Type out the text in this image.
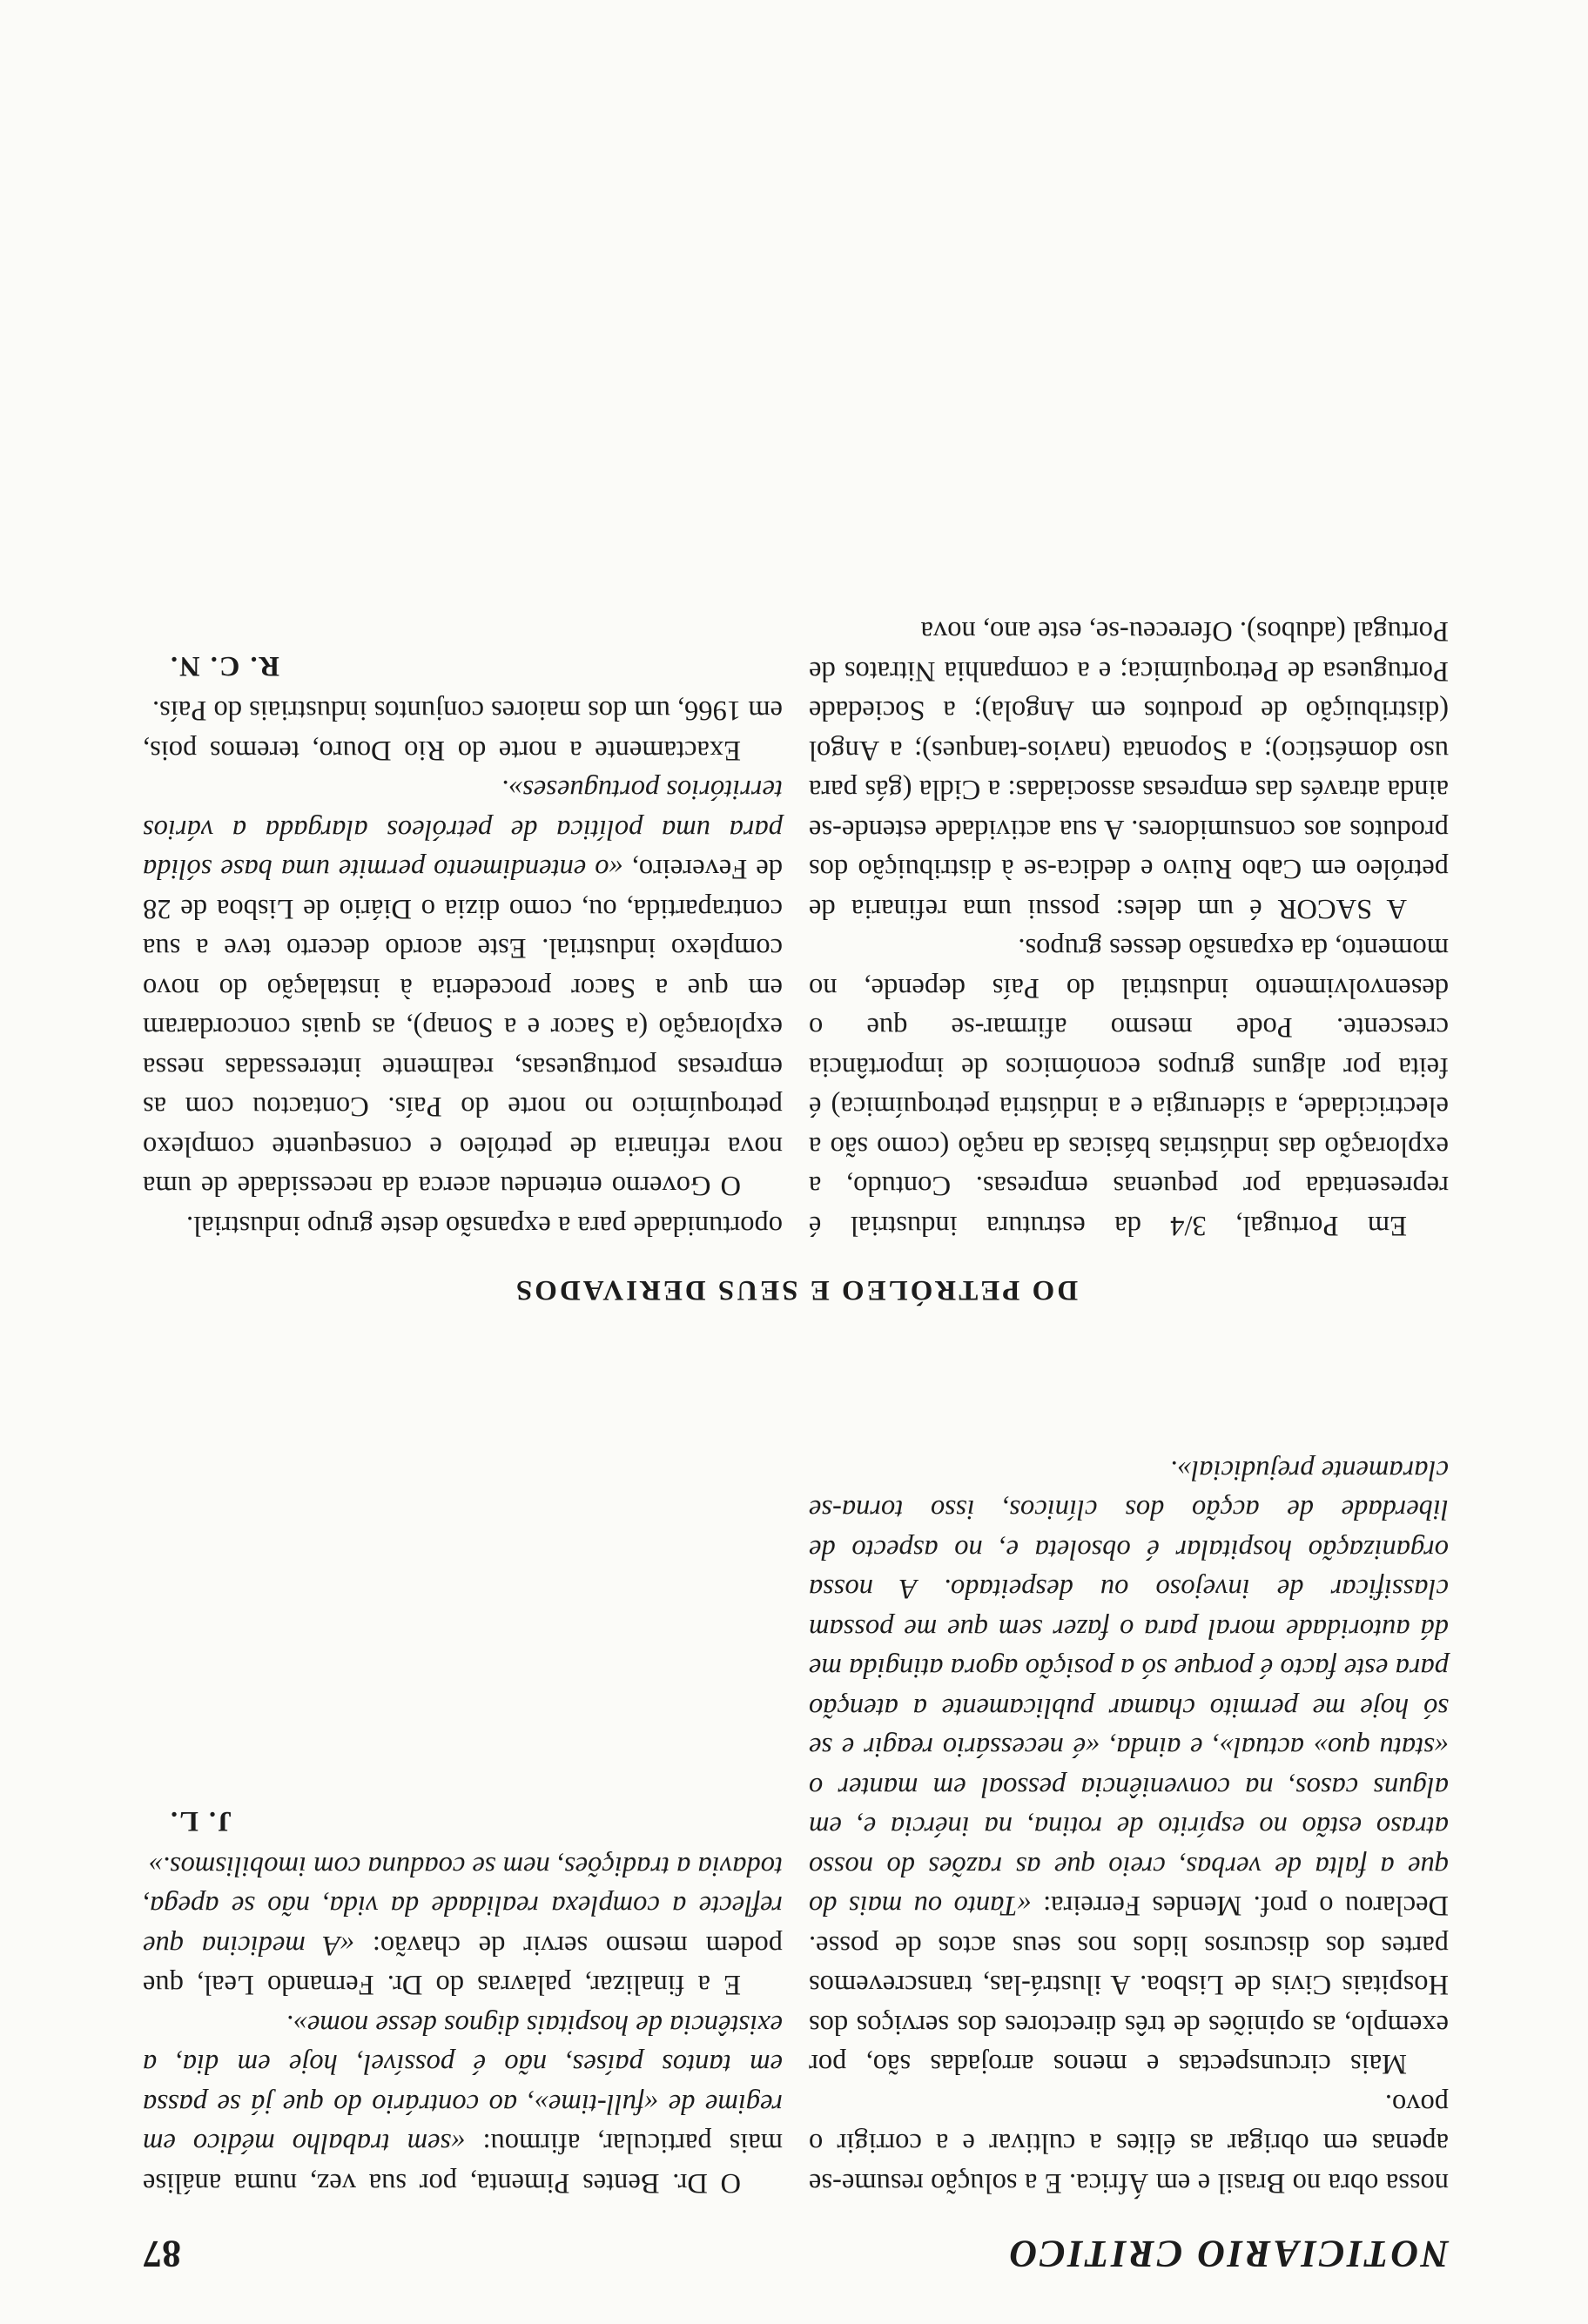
NOTICIARIO CRITICO
87

nossa obra no Brasil e em África. E a solução resume-se apenas em obrigar as élites a cultivar e a corrigir o povo.

Mais circunspectas e menos arrojadas são, por exemplo, as opiniões de três directores dos serviços dos Hospitais Civis de Lisboa. A ilustrá-las, transcrevemos partes dos discursos lidos nos seus actos de posse. Declarou o prof. Mendes Ferreira: «Tanto ou mais do que a falta de verbas, creio que as razões do nosso atraso estão no espírito de rotina, na inércia e, em alguns casos, na conveniência pessoal em manter o «statu quo» actual», e ainda, «é necessário reagir e se só hoje me permito chamar publicamente a atenção para este facto é porque só a posição agora atingida me dá autoridade moral para o fazer sem que me possam classificar de invejoso ou despeitado. A nossa organização hospitalar é obsoleta e, no aspecto de liberdade de acção dos clínicos, isso torna-se claramente prejudicial».

O Dr. Bentes Pimenta, por sua vez, numa análise mais particular, afirmou: «sem trabalho médico em regime de «full-time», ao contrário do que já se passa em tantos países, não é possível, hoje em dia, a existência de hospitais dignos desse nome».

E a finalizar, palavras do Dr. Fernando Leal, que podem mesmo servir de chavão: «A medicina que reflecte a complexa realidade da vida, não se apega, todavia a tradições, nem se coaduna com imobilismos.»

J. L.

DO PETRÓLEO E SEUS DERIVADOS

Em Portugal, 3/4 da estrutura industrial é representada por pequenas empresas. Contudo, a exploração das indústrias básicas da nação (como são a electricidade, a siderurgia e a indústria petroquímica) é feita por alguns grupos económicos de importância crescente. Pode mesmo afirmar-se que o desenvolvimento industrial do País depende, no momento, da expansão desses grupos.

A SACOR é um deles: possui uma refinaria de petróleo em Cabo Ruivo e dedica-se à distribuição dos produtos aos consumidores. A sua actividade estende-se ainda através das empresas associadas: a Cidla (gás para uso doméstico); a Soponata (navios-tanques); a Angol (distribuição de produtos em Angola); a Sociedade Portuguesa de Petroquímica; e a companhia Nitratos de Portugal (adubos). Ofereceu-se, este ano, nova

oportunidade para a expansão deste grupo industrial.

O Governo entendeu acerca da necessidade de uma nova refinaria de petróleo e consequente complexo petroquímico no norte do País. Contactou com as empresas portuguesas, realmente interessadas nessa exploração (a Sacor e a Sonap), as quais concordaram em que a Sacor procederia à instalação do novo complexo industrial. Este acordo decerto teve a sua contrapartida, ou, como dizia o Diário de Lisboa de 28 de Fevereiro, «o entendimento permite uma base sólida para uma política de petróleos alargada a vários territórios portugueses».

Exactamente a norte do Rio Douro, teremos pois, em 1966, um dos maiores conjuntos industriais do País.

R. C. N.
